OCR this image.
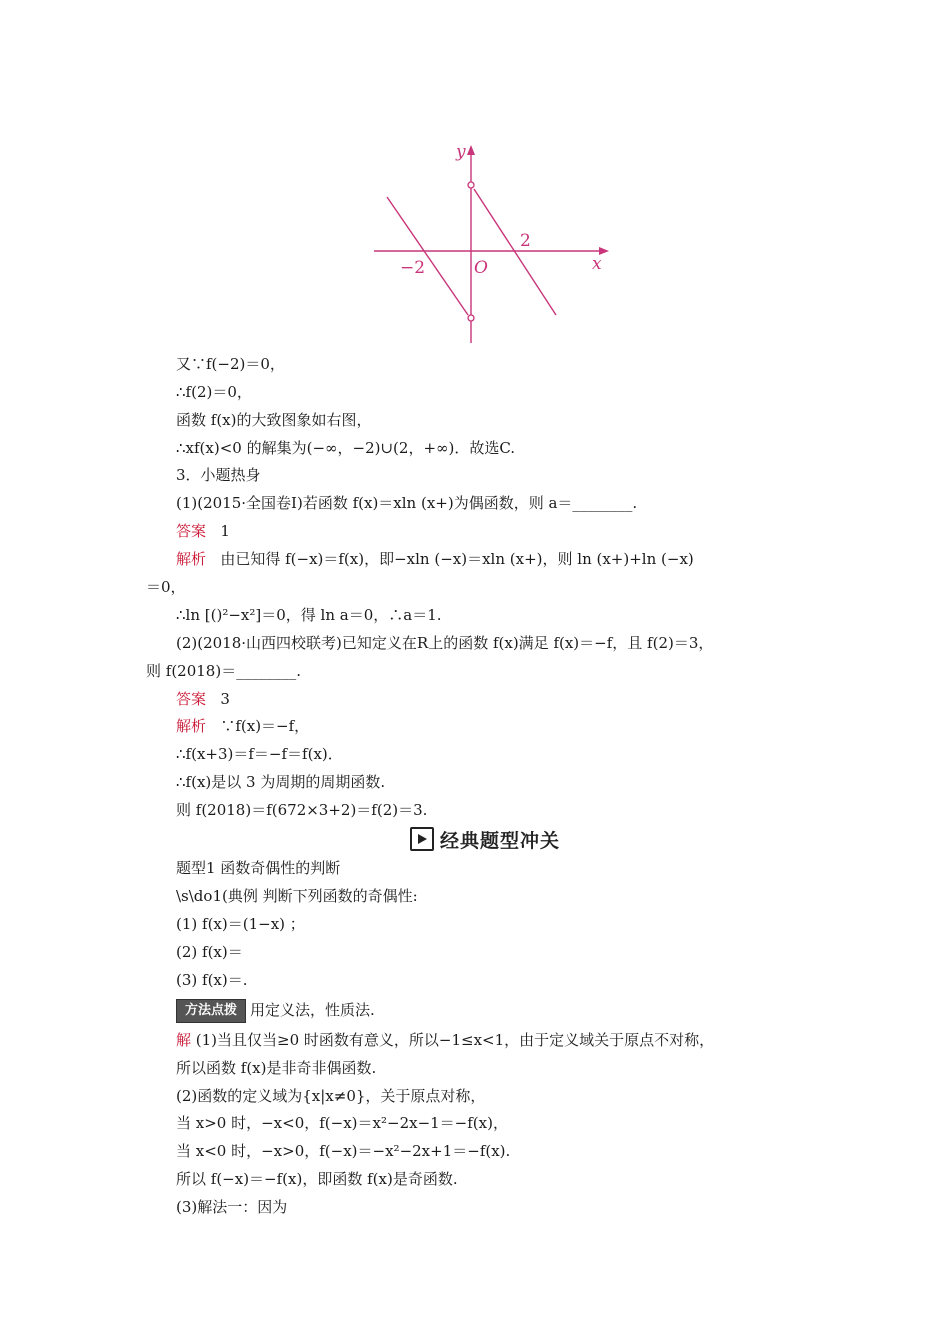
y
x
O
−2
2
又∵f(−2)＝0，
∴f(2)＝0，
函数 f(x)的大致图象如右图，
∴xf(x)<0 的解集为(−∞，−2)∪(2，+∞)．故选C.
3．小题热身
(1)(2015·全国卷Ⅰ)若函数 f(x)＝xln (x+)为偶函数，则 a＝________.
答案 1
解析 由已知得 f(−x)＝f(x)，即−xln (−x)＝xln (x+)，则 ln (x+)+ln (−x)
＝0，
∴ln [()²−x²]＝0，得 ln a＝0，∴a＝1.
(2)(2018·山西四校联考)已知定义在R上的函数 f(x)满足 f(x)＝−f，且 f(2)＝3，
则 f(2018)＝________.
答案 3
解析 ∵f(x)＝−f，
∴f(x+3)＝f＝−f＝f(x)．
∴f(x)是以 3 为周期的周期函数.
则 f(2018)＝f(672×3+2)＝f(2)＝3.
经典题型冲关
题型1 函数奇偶性的判断
\s\do1(典例 判断下列函数的奇偶性:
(1) f(x)＝(1−x) ；
(2) f(x)＝
(3) f(x)＝.
方法点拨 用定义法，性质法.
解 (1)当且仅当≥0 时函数有意义，所以−1≤x<1，由于定义域关于原点不对称，
所以函数 f(x)是非奇非偶函数.
(2)函数的定义域为{x|x≠0}，关于原点对称，
当 x>0 时，−x<0，f(−x)＝x²−2x−1＝−f(x)，
当 x<0 时，−x>0，f(−x)＝−x²−2x+1＝−f(x).
所以 f(−x)＝−f(x)，即函数 f(x)是奇函数.
(3)解法一：因为
